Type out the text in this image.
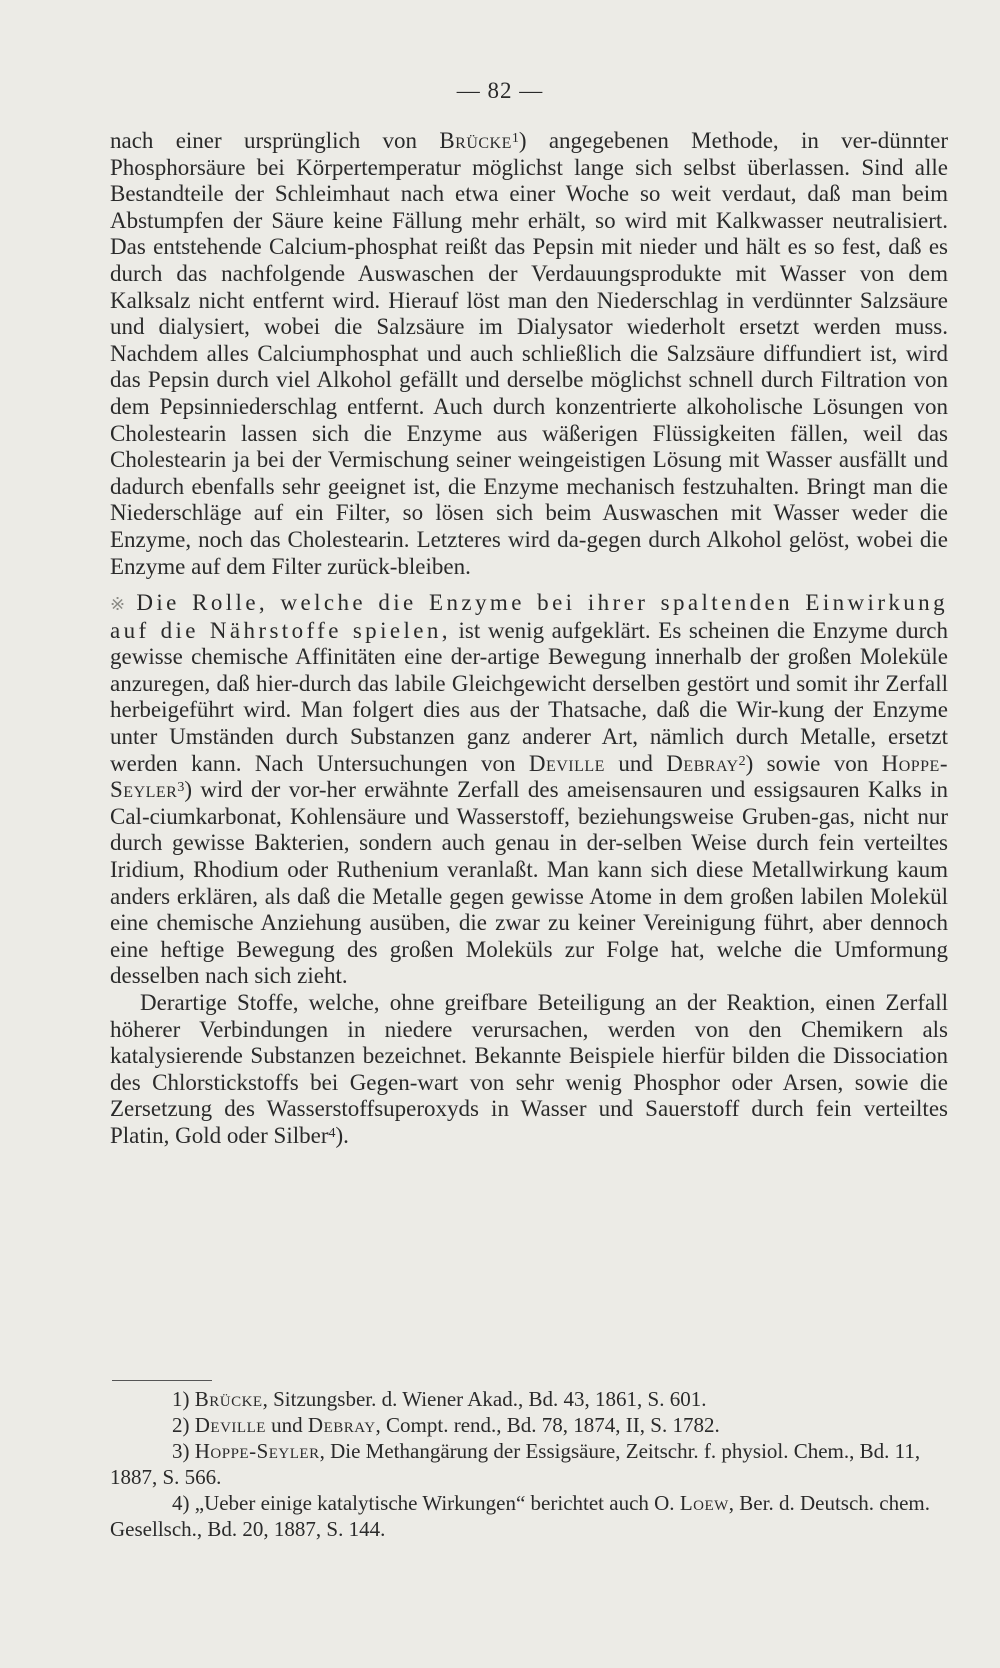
— 82 —

nach einer ursprünglich von Brücke$^1$) angegebenen Methode, in ver-dünnter Phosphorsäure bei Körpertemperatur möglichst lange sich selbst überlassen. Sind alle Bestandteile der Schleimhaut nach etwa einer Woche so weit verdaut, daß man beim Abstumpfen der Säure keine Fällung mehr erhält, so wird mit Kalkwasser neutralisiert. Das entstehende Calcium-phosphat reißt das Pepsin mit nieder und hält es so fest, daß es durch das nachfolgende Auswaschen der Verdauungsprodukte mit Wasser von dem Kalksalz nicht entfernt wird. Hierauf löst man den Niederschlag in verdünnter Salzsäure und dialysiert, wobei die Salzsäure im Dialysator wiederholt ersetzt werden muss. Nachdem alles Calciumphosphat und auch schließlich die Salzsäure diffundiert ist, wird das Pepsin durch viel Alkohol gefällt und derselbe möglichst schnell durch Filtration von dem Pepsinniederschlag entfernt. Auch durch konzentrierte alkoholische Lösungen von Cholestearin lassen sich die Enzyme aus wäßerigen Flüssigkeiten fällen, weil das Cholestearin ja bei der Vermischung seiner weingeistigen Lösung mit Wasser ausfällt und dadurch ebenfalls sehr geeignet ist, die Enzyme mechanisch festzuhalten. Bringt man die Niederschläge auf ein Filter, so lösen sich beim Auswaschen mit Wasser weder die Enzyme, noch das Cholestearin. Letzteres wird da-gegen durch Alkohol gelöst, wobei die Enzyme auf dem Filter zurück-bleiben.

※ Die Rolle, welche die Enzyme bei ihrer spaltenden Einwirkung auf die Nährstoffe spielen, ist wenig aufgeklärt. Es scheinen die Enzyme durch gewisse chemische Affinitäten eine der-artige Bewegung innerhalb der großen Moleküle anzuregen, daß hier-durch das labile Gleichgewicht derselben gestört und somit ihr Zerfall herbeigeführt wird. Man folgert dies aus der Thatsache, daß die Wir-kung der Enzyme unter Umständen durch Substanzen ganz anderer Art, nämlich durch Metalle, ersetzt werden kann. Nach Untersuchungen von Deville und Debray$^2$) sowie von Hoppe-Seyler$^3$) wird der vor-her erwähnte Zerfall des ameisensauren und essigsauren Kalks in Cal-ciumkarbonat, Kohlensäure und Wasserstoff, beziehungsweise Gruben-gas, nicht nur durch gewisse Bakterien, sondern auch genau in der-selben Weise durch fein verteiltes Iridium, Rhodium oder Ruthenium veranlaßt. Man kann sich diese Metallwirkung kaum anders erklären, als daß die Metalle gegen gewisse Atome in dem großen labilen Molekül eine chemische Anziehung ausüben, die zwar zu keiner Vereinigung führt, aber dennoch eine heftige Bewegung des großen Moleküls zur Folge hat, welche die Umformung desselben nach sich zieht.

Derartige Stoffe, welche, ohne greifbare Beteiligung an der Reaktion, einen Zerfall höherer Verbindungen in niedere verursachen, werden von den Chemikern als katalysierende Substanzen bezeichnet. Bekannte Beispiele hierfür bilden die Dissociation des Chlorstickstoffs bei Gegen-wart von sehr wenig Phosphor oder Arsen, sowie die Zersetzung des Wasserstoffsuperoxyds in Wasser und Sauerstoff durch fein verteiltes Platin, Gold oder Silber$^4$).

1) Brücke, Sitzungsber. d. Wiener Akad., Bd. 43, 1861, S. 601.

2) Deville und Debray, Compt. rend., Bd. 78, 1874, II, S. 1782.

3) Hoppe-Seyler, Die Methangärung der Essigsäure, Zeitschr. f. physiol. Chem., Bd. 11, 1887, S. 566.

4) „Ueber einige katalytische Wirkungen“ berichtet auch O. Loew, Ber. d. Deutsch. chem. Gesellsch., Bd. 20, 1887, S. 144.
